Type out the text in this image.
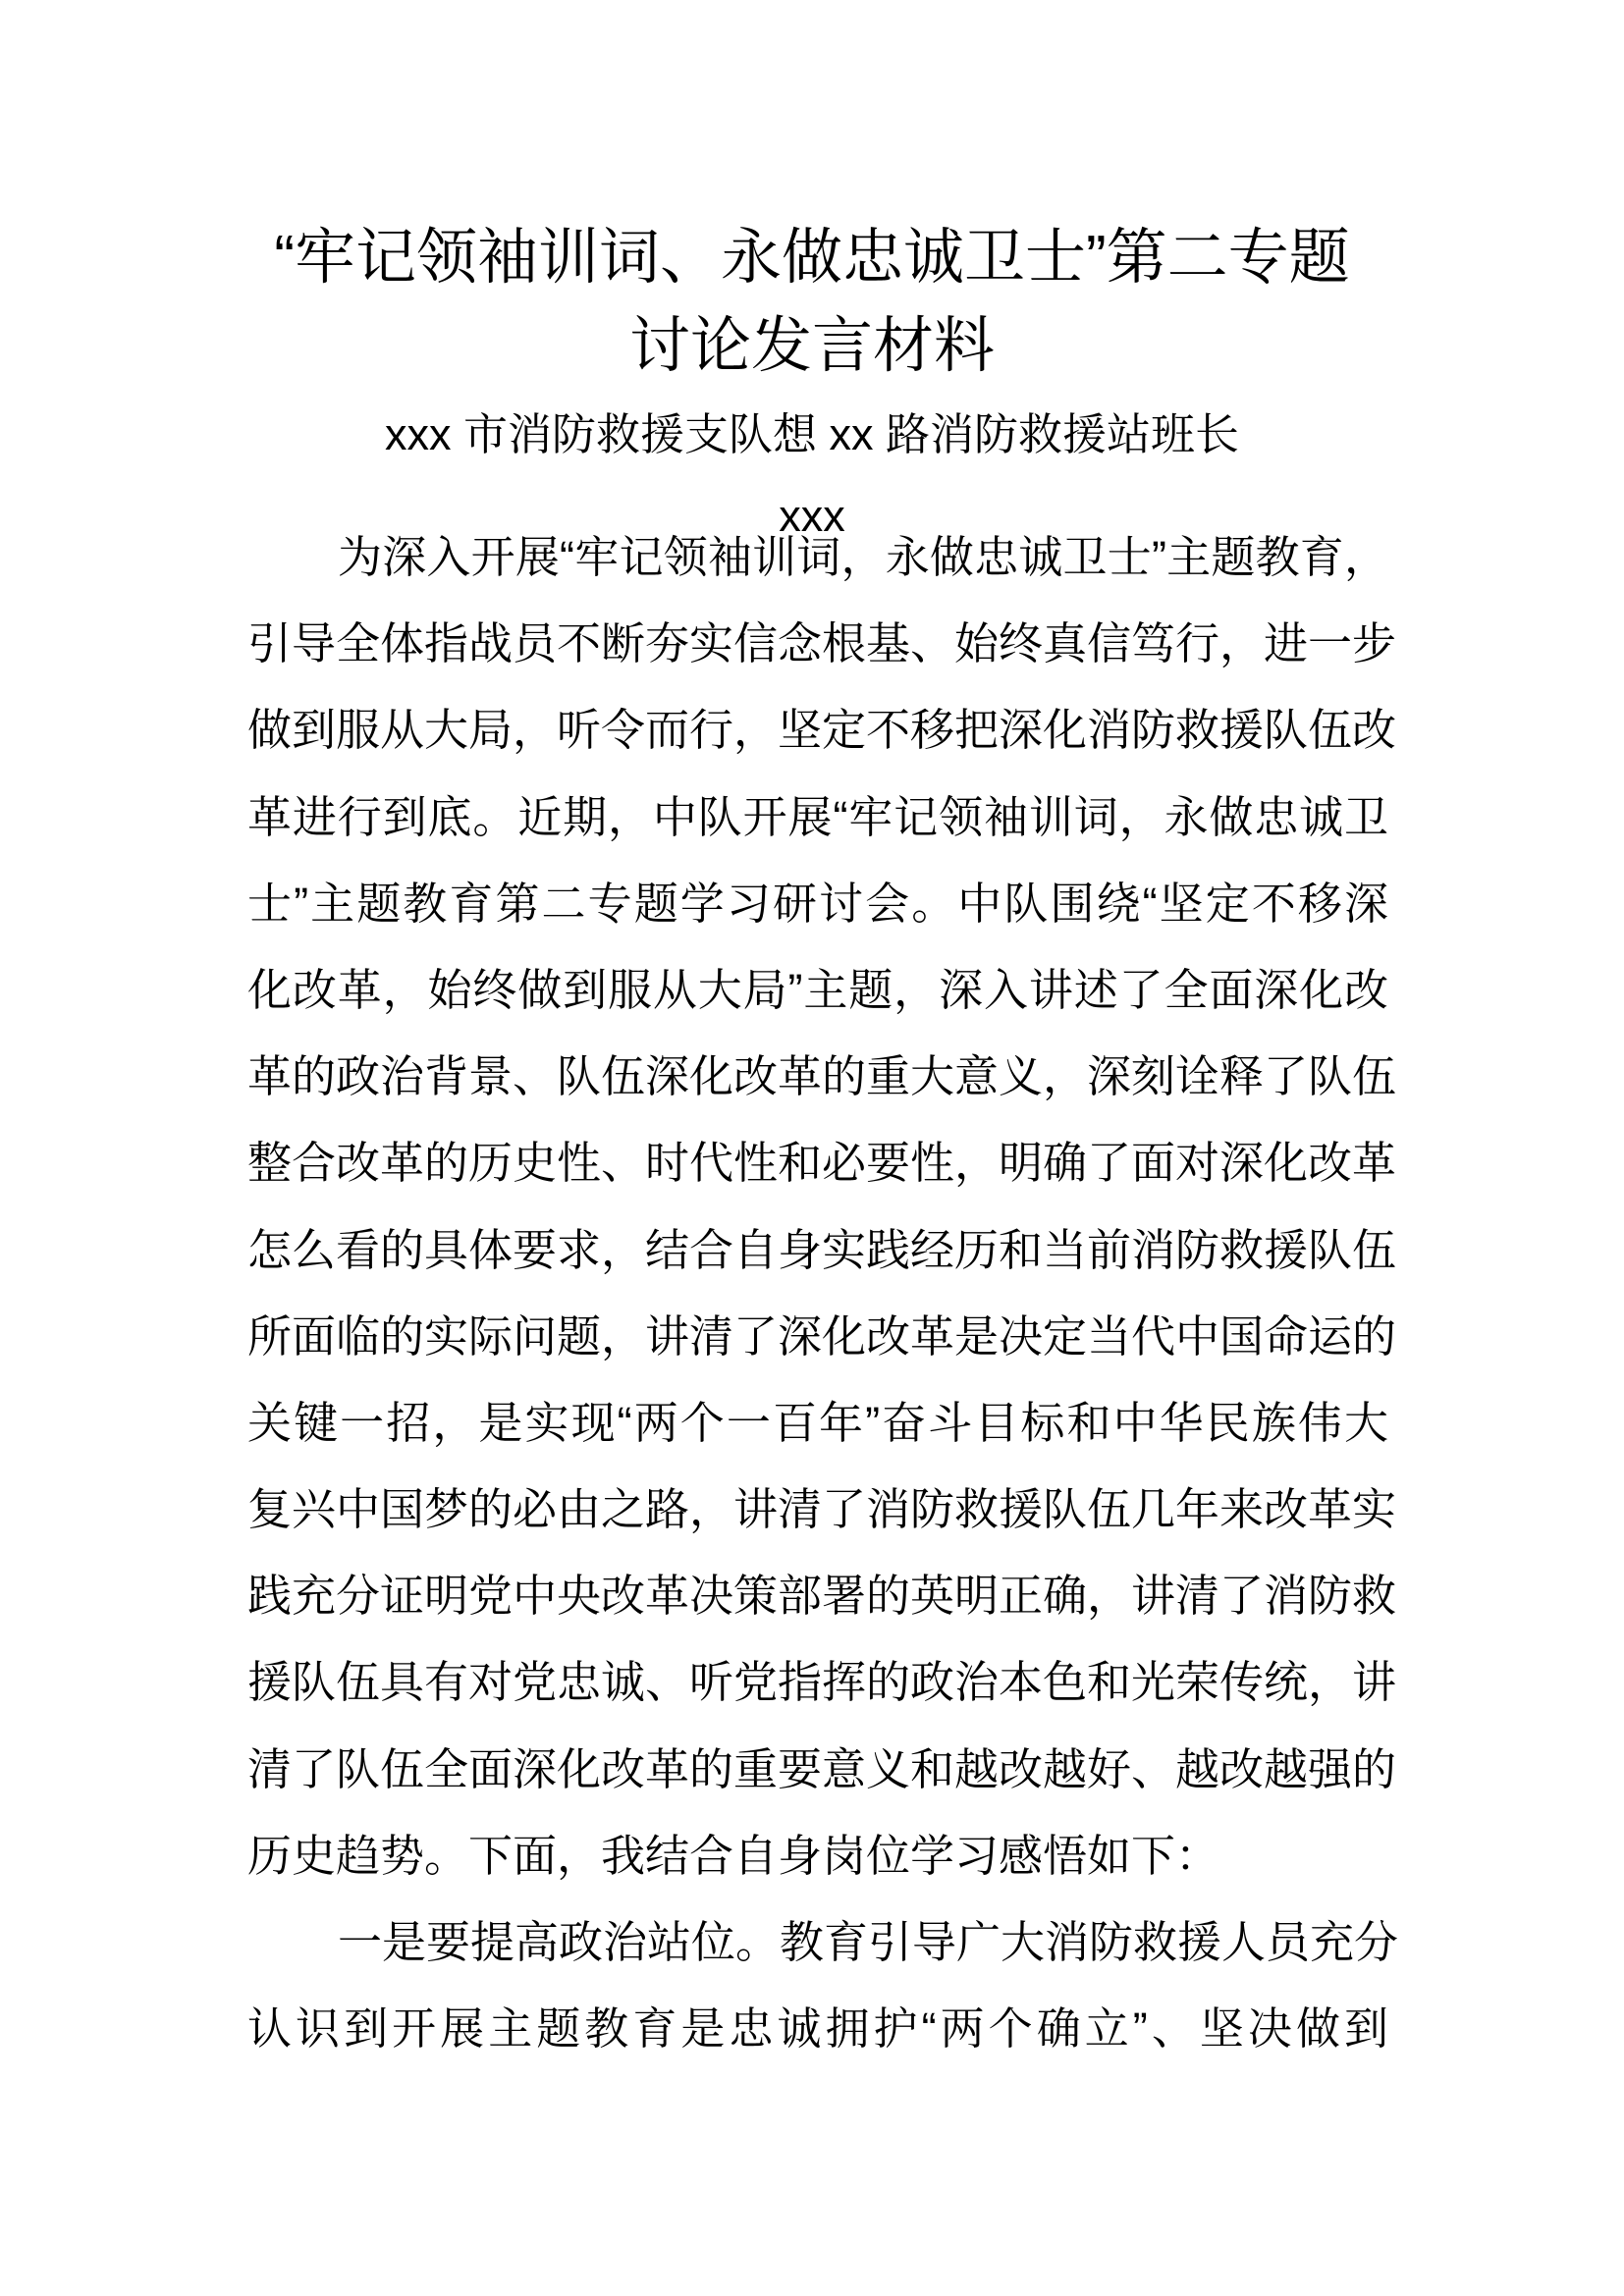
“牢记领袖训词、永做忠诚卫士”第二专题
讨论发言材料
xxx 市消防救援支队想 xx 路消防救援站班长
xxx
为深入开展“牢记领袖训词，永做忠诚卫士”主题教育，
引导全体指战员不断夯实信念根基、始终真信笃行，进一步
做到服从大局，听令而行，坚定不移把深化消防救援队伍改
革进行到底。近期，中队开展“牢记领袖训词，永做忠诚卫
士”主题教育第二专题学习研讨会。中队围绕“坚定不移深
化改革，始终做到服从大局”主题，深入讲述了全面深化改
革的政治背景、队伍深化改革的重大意义，深刻诠释了队伍
整合改革的历史性、时代性和必要性，明确了面对深化改革
怎么看的具体要求，结合自身实践经历和当前消防救援队伍
所面临的实际问题，讲清了深化改革是决定当代中国命运的
关键一招，是实现“两个一百年”奋斗目标和中华民族伟大
复兴中国梦的必由之路，讲清了消防救援队伍几年来改革实
践充分证明党中央改革决策部署的英明正确，讲清了消防救
援队伍具有对党忠诚、听党指挥的政治本色和光荣传统，讲
清了队伍全面深化改革的重要意义和越改越好、越改越强的
历史趋势。下面，我结合自身岗位学习感悟如下：
一是要提高政治站位。教育引导广大消防救援人员充分
认识到开展主题教育是忠诚拥护“两个确立”、坚决做到
